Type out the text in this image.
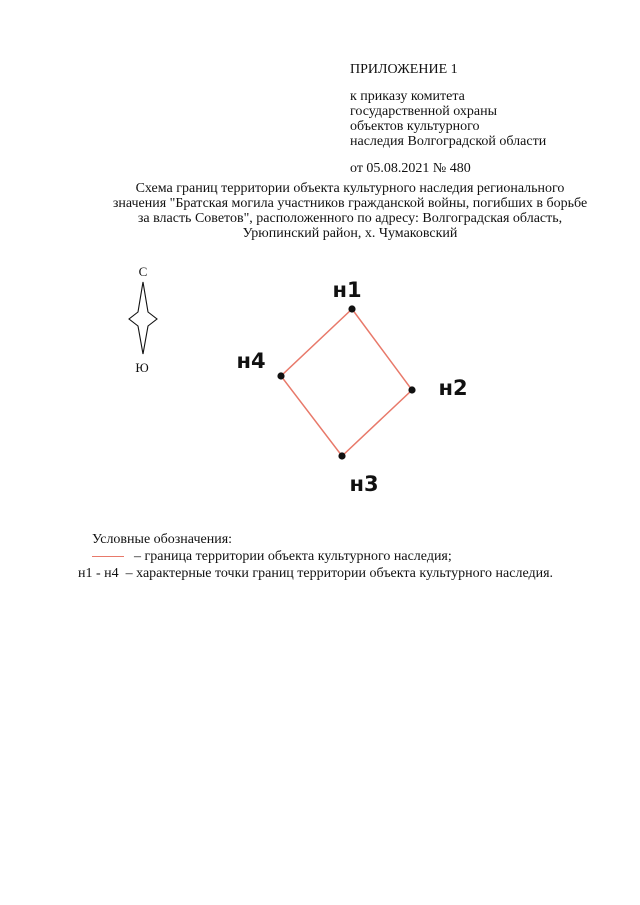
ПРИЛОЖЕНИЕ 1
к приказу комитета
государственной охраны
объектов культурного
наследия Волгоградской области
от 05.08.2021 № 480
Схема границ территории объекта культурного наследия регионального
значения "Братская могила участников гражданской войны, погибших в борьбе
за власть Советов", расположенного по адресу: Волгоградская область,
Урюпинский район, х. Чумаковский
С
Ю
н1
н2
н3
н4
Условные обозначения:
– граница территории объекта культурного наследия;
н1 - н4 – характерные точки границ территории объекта культурного наследия.
